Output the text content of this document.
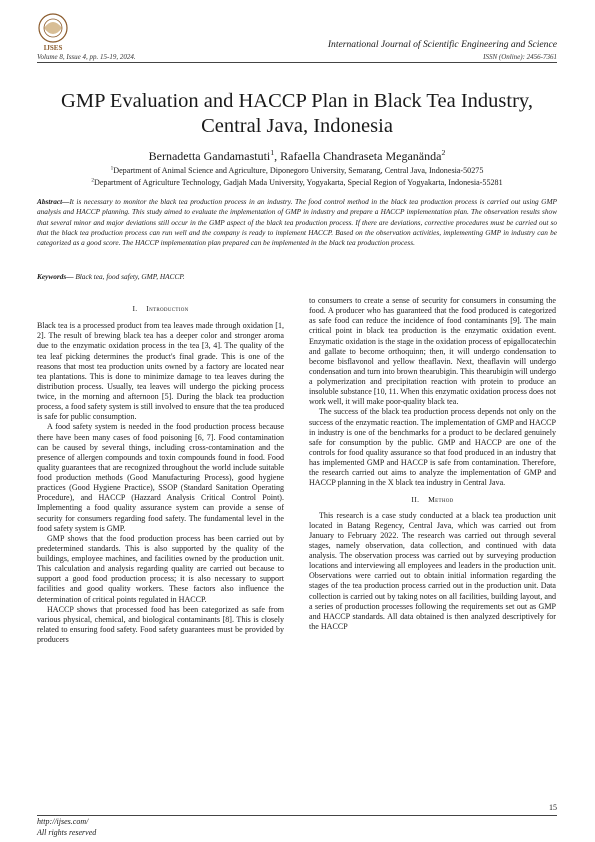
IJSES	International Journal of Scientific Engineering and Science
Volume 8, Issue 4, pp. 15-19, 2024.	ISSN (Online): 2456-7361
GMP Evaluation and HACCP Plan in Black Tea Industry, Central Java, Indonesia
Bernadetta Gandamastuti$^1$, Rafaella Chandraseta Meganända$^2$
$^1$Department of Animal Science and Agriculture, Diponegoro University, Semarang, Central Java, Indonesia-50275
$^2$Department of Agriculture Technology, Gadjah Mada University, Yogyakarta, Special Region of Yogyakarta, Indonesia-55281

Abstract—It is necessary to monitor the black tea production process in an industry. The food control method in the black tea production process is carried out using GMP analysis and HACCP planning. This study aimed to evaluate the implementation of GMP in industry and prepare a HACCP implementation plan. The observation results show that several minor and major deviations still occur in the GMP aspect of the black tea production process. If there are deviations, corrective procedures must be carried out so that the black tea production process can run well and the company is ready to implement HACCP. Based on the observation activities, implementing GMP in industry can be categorized as a good score. The HACCP implementation plan prepared can be implemented in the black tea production process.

Keywords— Black tea, food safety, GMP, HACCP.
I. Introduction

Black tea is a processed product from tea leaves made through oxidation [1, 2]. The result of brewing black tea has a deeper color and stronger aroma due to the enzymatic oxidation process in the tea [3, 4]. The quality of the tea leaf picking determines the product's final grade. This is one of the reasons that most tea production units owned by a factory are located near tea plantations. This is done to minimize damage to tea leaves during the distribution process. Usually, tea leaves will undergo the picking process twice, in the morning and afternoon [5]. During the black tea production process, a food safety system is still involved to ensure that the tea produced is safe for public consumption.

A food safety system is needed in the food production process because there have been many cases of food poisoning [6, 7]. Food contamination can be caused by several things, including cross-contamination and the presence of allergen compounds and toxin compounds found in food. Food quality guarantees that are recognized throughout the world include suitable food production methods (Good Manufacturing Process), good hygiene practices (Good Hygiene Practice), SSOP (Standard Sanitation Operating Procedure), and HACCP (Hazzard Analysis Critical Control Point). Implementing a food quality assurance system can provide a sense of security for consumers regarding food safety. The fundamental level in the food safety system is GMP.

GMP shows that the food production process has been carried out by predetermined standards. This is also supported by the quality of the buildings, employee machines, and facilities owned by the production unit. This calculation and analysis regarding quality are carried out because to support a good food production process; it is also necessary to support facilities and good quality workers. These factors also influence the determination of critical points regulated in HACCP.

HACCP shows that processed food has been categorized as safe from various physical, chemical, and biological contaminants [8]. This is closely related to ensuring food safety. Food safety guarantees must be provided by producers

to consumers to create a sense of security for consumers in consuming the food. A producer who has guaranteed that the food produced is categorized as safe food can reduce the incidence of food contaminants [9]. The main critical point in black tea production is the enzymatic oxidation event. Enzymatic oxidation is the stage in the oxidation process of epigallocatechin and gallate to become orthoquinn; then, it will undergo condensation to become bisflavonol and yellow theaflavin. Next, theaflavin will undergo condensation and turn into brown thearubigin. This thearubigin will undergo a polymerization and precipitation reaction with protein to produce an insoluble substance [10, 11. When this enzymatic oxidation process does not work well, it will make poor-quality black tea.

The success of the black tea production process depends not only on the success of the enzymatic reaction. The implementation of GMP and HACCP in industry is one of the benchmarks for a product to be declared genuinely safe for consumption by the public. GMP and HACCP are one of the controls for food quality assurance so that food produced in an industry that has implemented GMP and HACCP is safe from contamination. Therefore, the research carried out aims to analyze the implementation of GMP and HACCP planning in the X black tea industry in Central Java.

II. Method

This research is a case study conducted at a black tea production unit located in Batang Regency, Central Java, which was carried out from January to February 2022. The research was carried out through several stages, namely observation, data collection, and continued with data analysis. The observation process was carried out by surveying production locations and interviewing all employees and leaders in the production unit. Observations were carried out to obtain initial information regarding the stages of the tea production process carried out in the production unit. Data collection is carried out by taking notes on all facilities, building layout, and a series of production processes following the requirements set out as GMP and HACCP standards. All data obtained is then analyzed descriptively for the HACCP

15
http://ijses.com/
All rights reserved
